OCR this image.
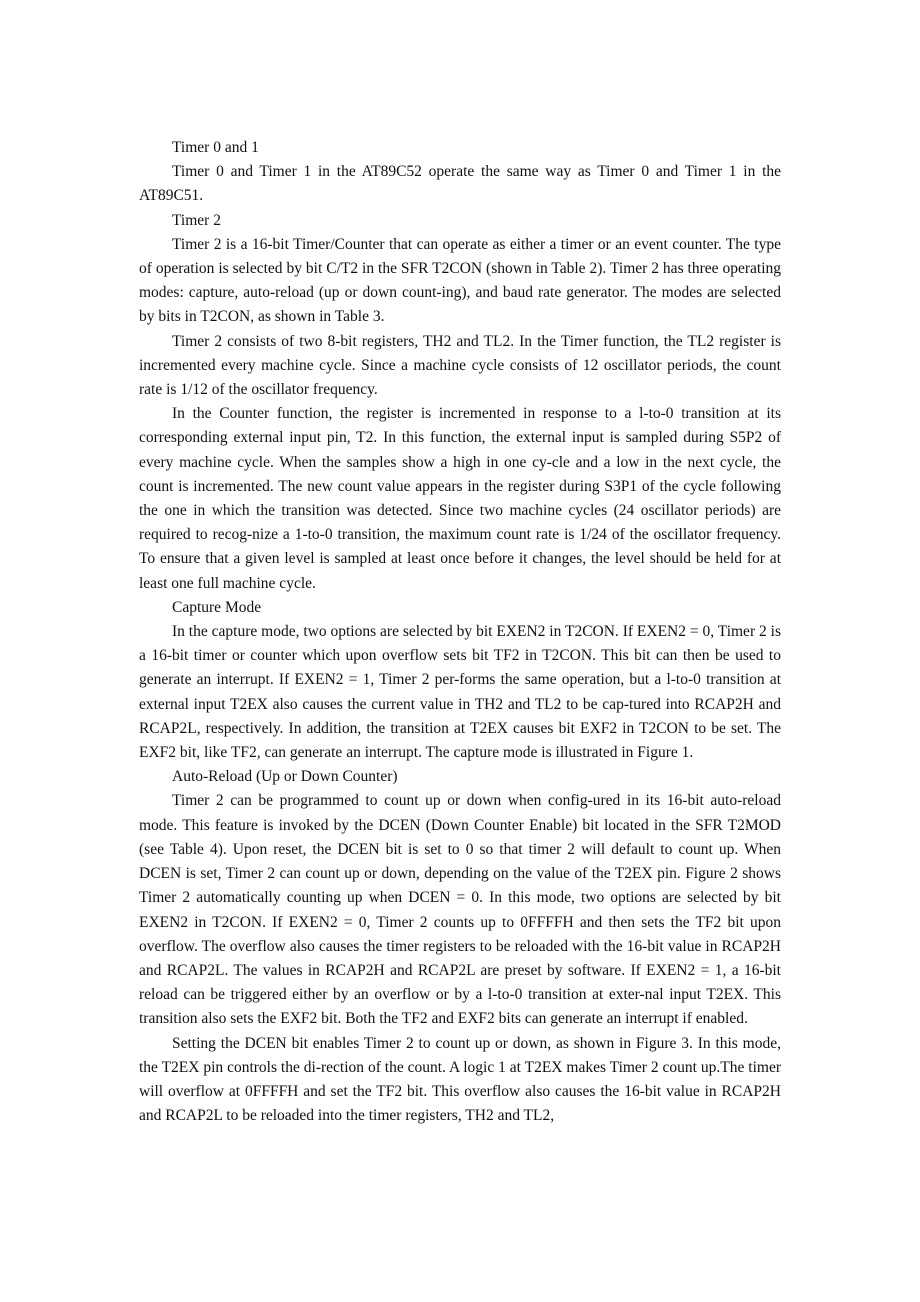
Timer 0 and 1

Timer 0 and Timer 1 in the AT89C52 operate the same way as Timer 0 and Timer 1 in the AT89C51.

Timer 2

Timer 2 is a 16-bit Timer/Counter that can operate as either a timer or an event counter. The type of operation is selected by bit C/T2 in the SFR T2CON (shown in Table 2). Timer 2 has three operating modes: capture, auto-reload (up or down count-ing), and baud rate generator. The modes are selected by bits in T2CON, as shown in Table 3.

Timer 2 consists of two 8-bit registers, TH2 and TL2. In the Timer function, the TL2 register is incremented every machine cycle. Since a machine cycle consists of 12 oscillator periods, the count rate is 1/12 of the oscillator frequency.

In the Counter function, the register is incremented in response to a l-to-0 transition at its corresponding external input pin, T2. In this function, the external input is sampled during S5P2 of every machine cycle. When the samples show a high in one cy-cle and a low in the next cycle, the count is incremented. The new count value appears in the register during S3P1 of the cycle following the one in which the transition was detected. Since two machine cycles (24 oscillator periods) are required to recog-nize a 1-to-0 transition, the maximum count rate is 1/24 of the oscillator frequency. To ensure that a given level is sampled at least once before it changes, the level should be held for at least one full machine cycle.

Capture Mode

In the capture mode, two options are selected by bit EXEN2 in T2CON. If EXEN2 = 0, Timer 2 is a 16-bit timer or counter which upon overflow sets bit TF2 in T2CON. This bit can then be used to generate an interrupt. If EXEN2 = 1, Timer 2 per-forms the same operation, but a l-to-0 transition at external input T2EX also causes the current value in TH2 and TL2 to be cap-tured into RCAP2H and RCAP2L, respectively. In addition, the transition at T2EX causes bit EXF2 in T2CON to be set. The EXF2 bit, like TF2, can generate an interrupt. The capture mode is illustrated in Figure 1.

Auto-Reload (Up or Down Counter)

Timer 2 can be programmed to count up or down when config-ured in its 16-bit auto-reload mode. This feature is invoked by the DCEN (Down Counter Enable) bit located in the SFR T2MOD (see Table 4). Upon reset, the DCEN bit is set to 0 so that timer 2 will default to count up. When DCEN is set, Timer 2 can count up or down, depending on the value of the T2EX pin. Figure 2 shows Timer 2 automatically counting up when DCEN = 0. In this mode, two options are selected by bit EXEN2 in T2CON. If EXEN2 = 0, Timer 2 counts up to 0FFFFH and then sets the TF2 bit upon overflow. The overflow also causes the timer registers to be reloaded with the 16-bit value in RCAP2H and RCAP2L. The values in RCAP2H and RCAP2L are preset by software. If EXEN2 = 1, a 16-bit reload can be triggered either by an overflow or by a l-to-0 transition at exter-nal input T2EX. This transition also sets the EXF2 bit. Both the TF2 and EXF2 bits can generate an interrupt if enabled.

Setting the DCEN bit enables Timer 2 to count up or down, as shown in Figure 3. In this mode, the T2EX pin controls the di-rection of the count. A logic 1 at T2EX makes Timer 2 count up.The timer will overflow at 0FFFFH and set the TF2 bit. This overflow also causes the 16-bit value in RCAP2H and RCAP2L to be reloaded into the timer registers, TH2 and TL2,
